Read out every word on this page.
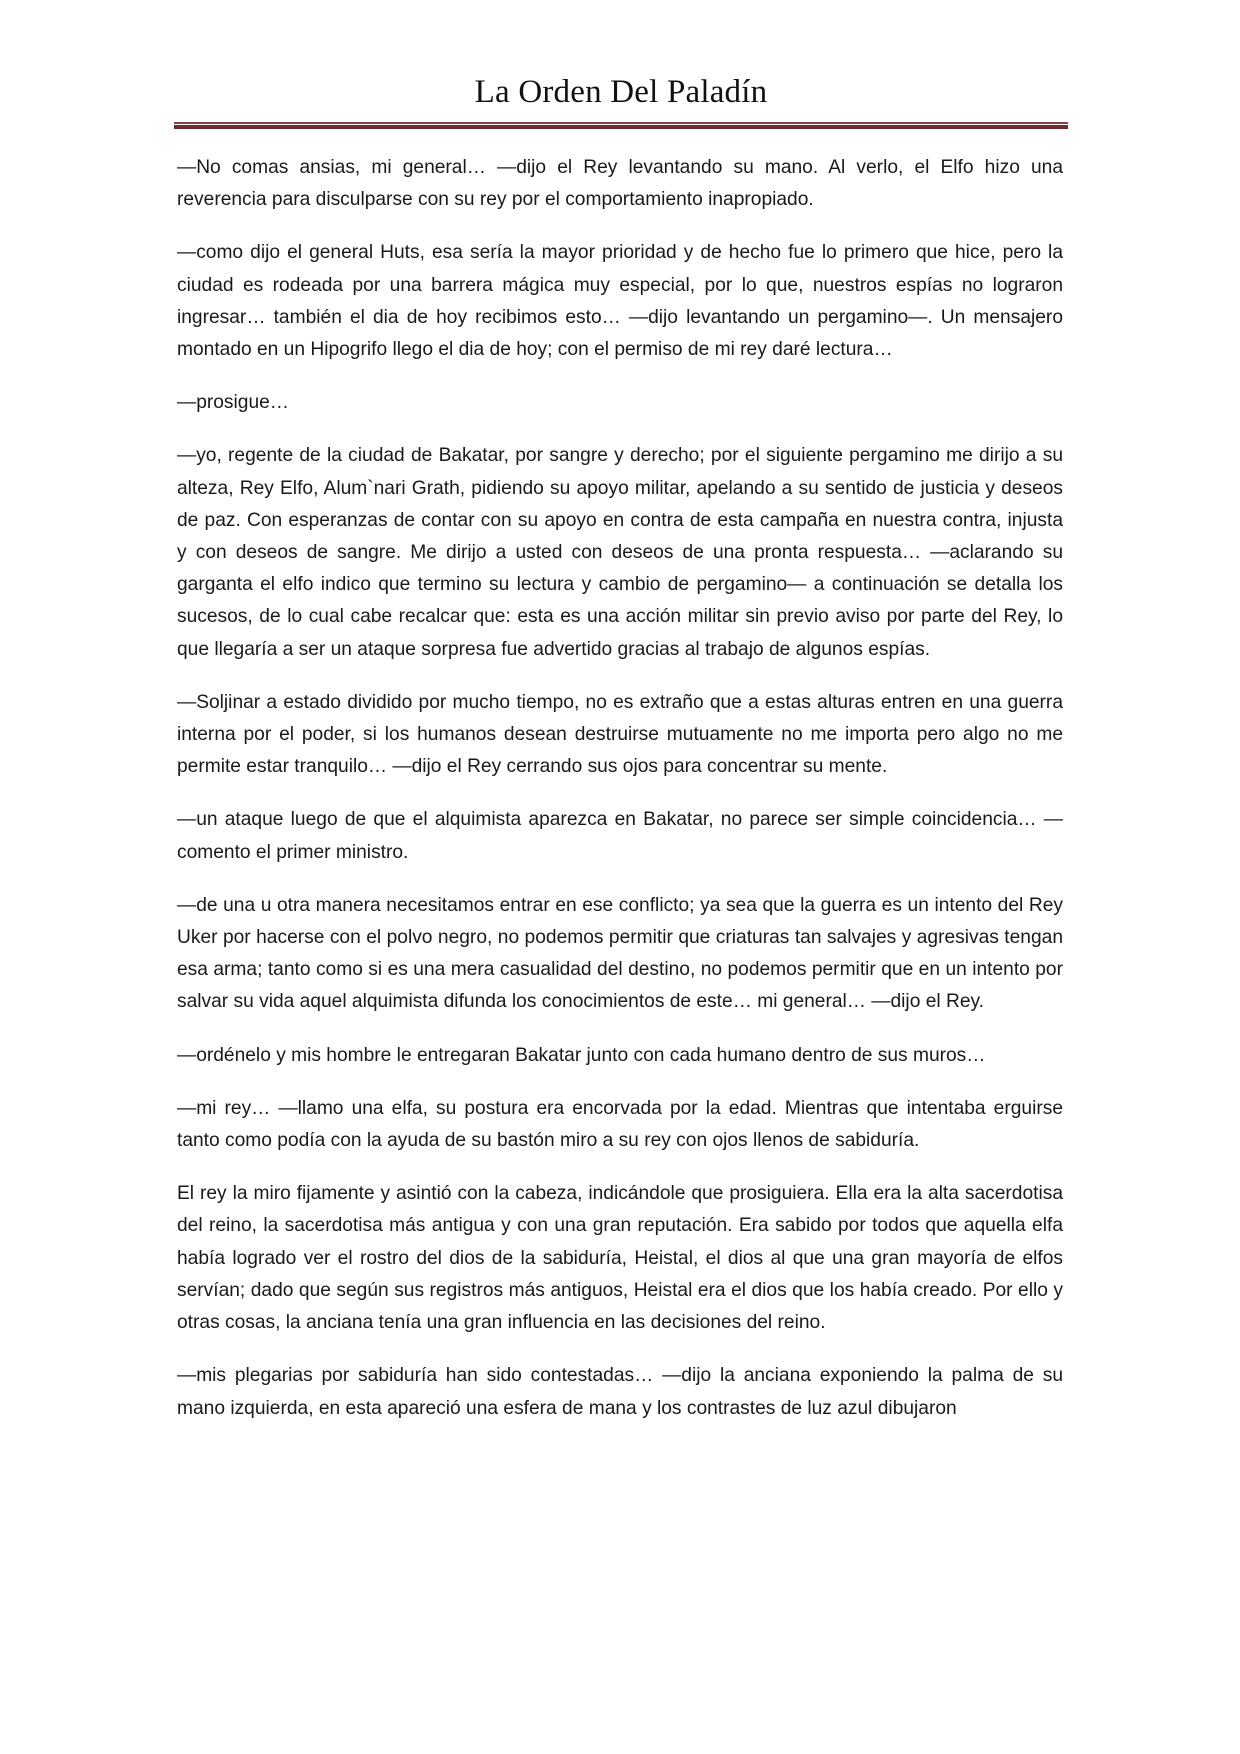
La Orden Del Paladín

—No comas ansias, mi general… —dijo el Rey levantando su mano. Al verlo, el Elfo hizo una reverencia para disculparse con su rey por el comportamiento inapropiado.

—como dijo el general Huts, esa sería la mayor prioridad y de hecho fue lo primero que hice, pero la ciudad es rodeada por una barrera mágica muy especial, por lo que, nuestros espías no lograron ingresar… también el dia de hoy recibimos esto… —dijo levantando un pergamino—. Un mensajero montado en un Hipogrifo llego el dia de hoy; con el permiso de mi rey daré lectura…

—prosigue…

—yo, regente de la ciudad de Bakatar, por sangre y derecho; por el siguiente pergamino me dirijo a su alteza, Rey Elfo, Alum`nari Grath, pidiendo su apoyo militar, apelando a su sentido de justicia y deseos de paz. Con esperanzas de contar con su apoyo en contra de esta campaña en nuestra contra, injusta y con deseos de sangre. Me dirijo a usted con deseos de una pronta respuesta… —aclarando su garganta el elfo indico que termino su lectura y cambio de pergamino— a continuación se detalla los sucesos, de lo cual cabe recalcar que: esta es una acción militar sin previo aviso por parte del Rey, lo que llegaría a ser un ataque sorpresa fue advertido gracias al trabajo de algunos espías.

—Soljinar a estado dividido por mucho tiempo, no es extraño que a estas alturas entren en una guerra interna por el poder, si los humanos desean destruirse mutuamente no me importa pero algo no me permite estar tranquilo… —dijo el Rey cerrando sus ojos para concentrar su mente.

—un ataque luego de que el alquimista aparezca en Bakatar, no parece ser simple coincidencia… —comento el primer ministro.

—de una u otra manera necesitamos entrar en ese conflicto; ya sea que la guerra es un intento del Rey Uker por hacerse con el polvo negro, no podemos permitir que criaturas tan salvajes y agresivas tengan esa arma; tanto como si es una mera casualidad del destino, no podemos permitir que en un intento por salvar su vida aquel alquimista difunda los conocimientos de este… mi general… —dijo el Rey.

—ordénelo y mis hombre le entregaran Bakatar junto con cada humano dentro de sus muros…

—mi rey… —llamo una elfa, su postura era encorvada por la edad. Mientras que intentaba erguirse tanto como podía con la ayuda de su bastón miro a su rey con ojos llenos de sabiduría.

El rey la miro fijamente y asintió con la cabeza, indicándole que prosiguiera. Ella era la alta sacerdotisa del reino, la sacerdotisa más antigua y con una gran reputación. Era sabido por todos que aquella elfa había logrado ver el rostro del dios de la sabiduría, Heistal, el dios al que una gran mayoría de elfos servían; dado que según sus registros más antiguos, Heistal era el dios que los había creado. Por ello y otras cosas, la anciana tenía una gran influencia en las decisiones del reino.

—mis plegarias por sabiduría han sido contestadas… —dijo la anciana exponiendo la palma de su mano izquierda, en esta apareció una esfera de mana y los contrastes de luz azul dibujaron
